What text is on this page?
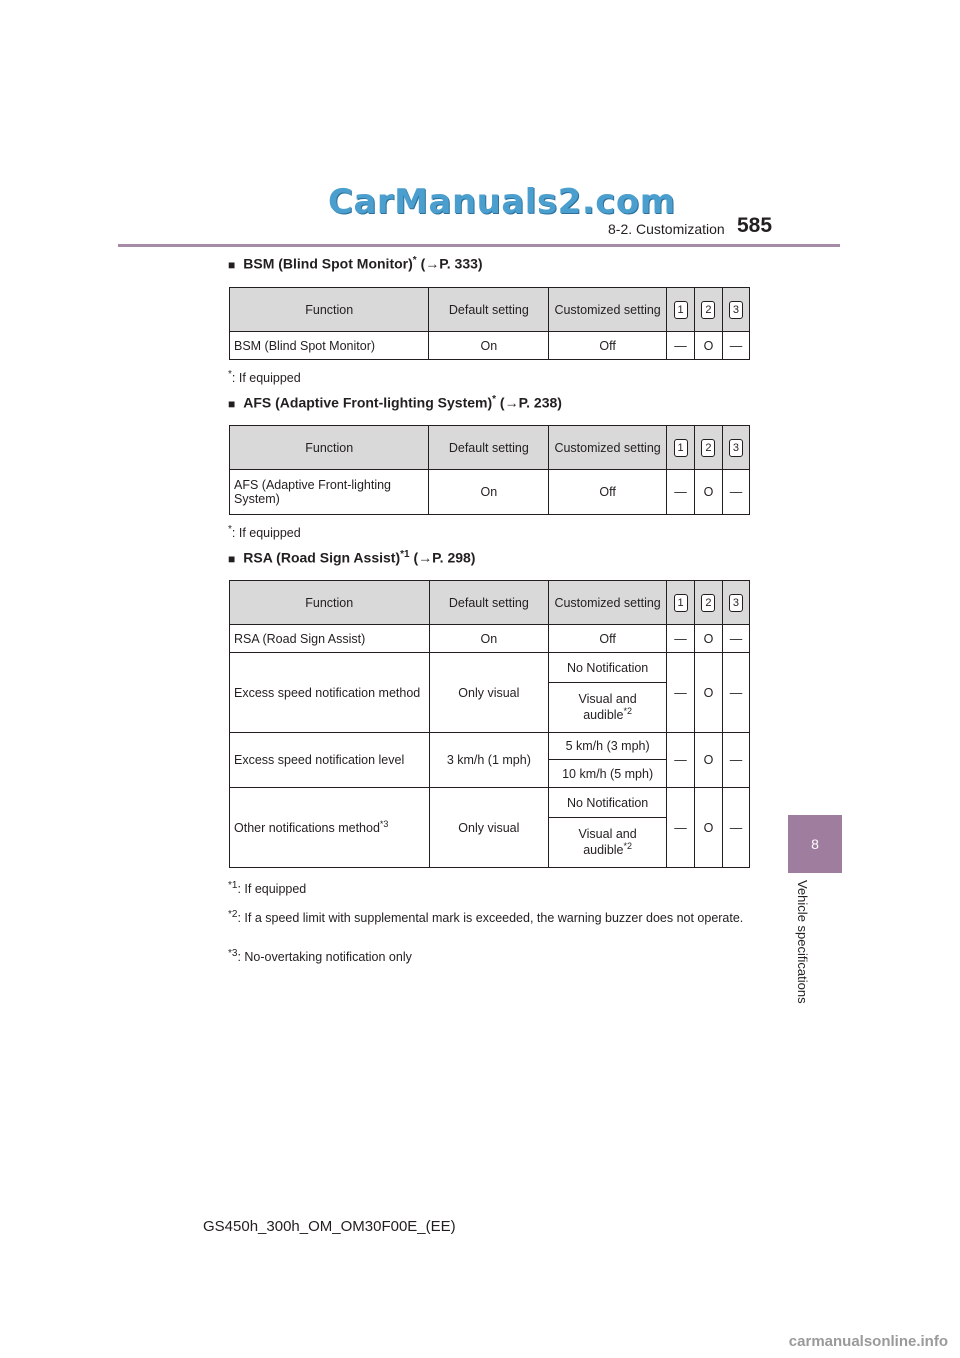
CarManuals2.com
8-2. Customization 585
8
Vehicle specifications
■ BSM (Blind Spot Monitor)* (→P. 333)
Function	Default setting	Customized setting	1	2	3
BSM (Blind Spot Monitor)	On	Off	—	O	—
*: If equipped
■ AFS (Adaptive Front-lighting System)* (→P. 238)
Function	Default setting	Customized setting	1	2	3
AFS (Adaptive Front-lighting System)	On	Off	—	O	—
*: If equipped
■ RSA (Road Sign Assist)$^{*1}$ (→P. 298)
Function	Default setting	Customized setting	1	2	3
RSA (Road Sign Assist)	On	Off	—	O	—
Excess speed notification method	Only visual	No Notification	—	O	—
		Visual and audible$^{*2}$
Excess speed notification level	3 km/h (1 mph)	5 km/h (3 mph)	—	O	—
		10 km/h (5 mph)			
Other notifications method$^{*3}$	Only visual	No Notification	—	O	—
		Visual and audible$^{*2}$
$^{*1}$: If equipped
$^{*2}$: If a speed limit with supplemental mark is exceeded, the warning buzzer does not operate.
$^{*3}$: No-overtaking notification only
GS450h_300h_OM_OM30F00E_(EE)
carmanualsonline.info
